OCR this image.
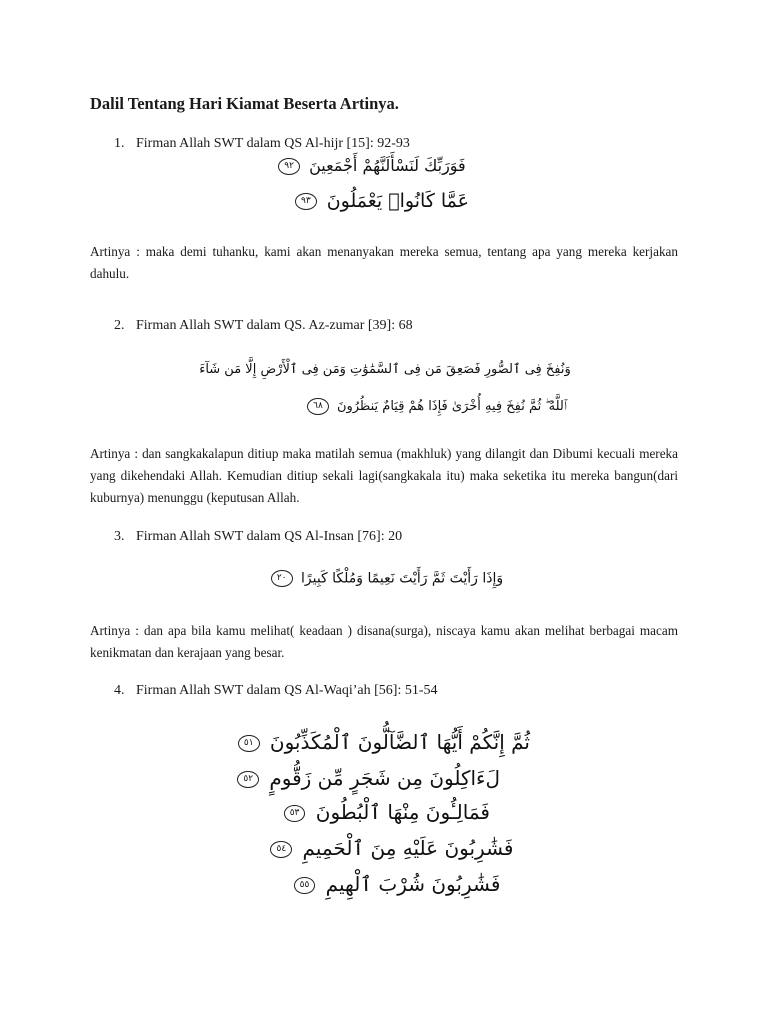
Dalil Tentang Hari Kiamat Beserta Artinya.
1. Firman Allah SWT dalam QS Al-hijr [15]: 92-93
فَوَرَبِّكَ لَنَسْأَلَنَّهُمْ أَجْمَعِينَ ٩٢
عَمَّا كَانُوا۟ يَعْمَلُونَ ٩٣

Artinya : maka demi tuhanku, kami akan menanyakan mereka semua, tentang apa yang mereka kerjakan dahulu.

2. Firman Allah SWT dalam QS. Az-zumar [39]: 68
وَنُفِخَ فِى ٱلصُّورِ فَصَعِقَ مَن فِى ٱلسَّمَٰوَٰتِ وَمَن فِى ٱلْأَرْضِ إِلَّا مَن شَآءَ
ٱللَّهُ ۖ ثُمَّ نُفِخَ فِيهِ أُخْرَىٰ فَإِذَا هُمْ قِيَامٌ يَنظُرُونَ ٦٨

Artinya : dan sangkakalapun ditiup maka matilah semua (makhluk) yang dilangit dan Dibumi kecuali mereka yang dikehendaki Allah. Kemudian ditiup sekali lagi(sangkakala itu) maka seketika itu mereka bangun(dari kuburnya) menunggu (keputusan Allah.

3. Firman Allah SWT dalam QS Al-Insan [76]: 20
وَإِذَا رَأَيْتَ ثَمَّ رَأَيْتَ نَعِيمًا وَمُلْكًا كَبِيرًا ٢٠

Artinya : dan apa bila kamu melihat( keadaan ) disana(surga), niscaya kamu akan melihat berbagai macam kenikmatan dan kerajaan yang besar.

4. Firman Allah SWT dalam QS Al-Waqi’ah [56]: 51-54
ثُمَّ إِنَّكُمْ أَيُّهَا ٱلضَّآلُّونَ ٱلْمُكَذِّبُونَ ٥١
لَءَاكِلُونَ مِن شَجَرٍ مِّن زَقُّومٍ ٥٢
فَمَالِـُٔونَ مِنْهَا ٱلْبُطُونَ ٥٣
فَشَٰرِبُونَ عَلَيْهِ مِنَ ٱلْحَمِيمِ ٥٤
فَشَٰرِبُونَ شُرْبَ ٱلْهِيمِ ٥٥
